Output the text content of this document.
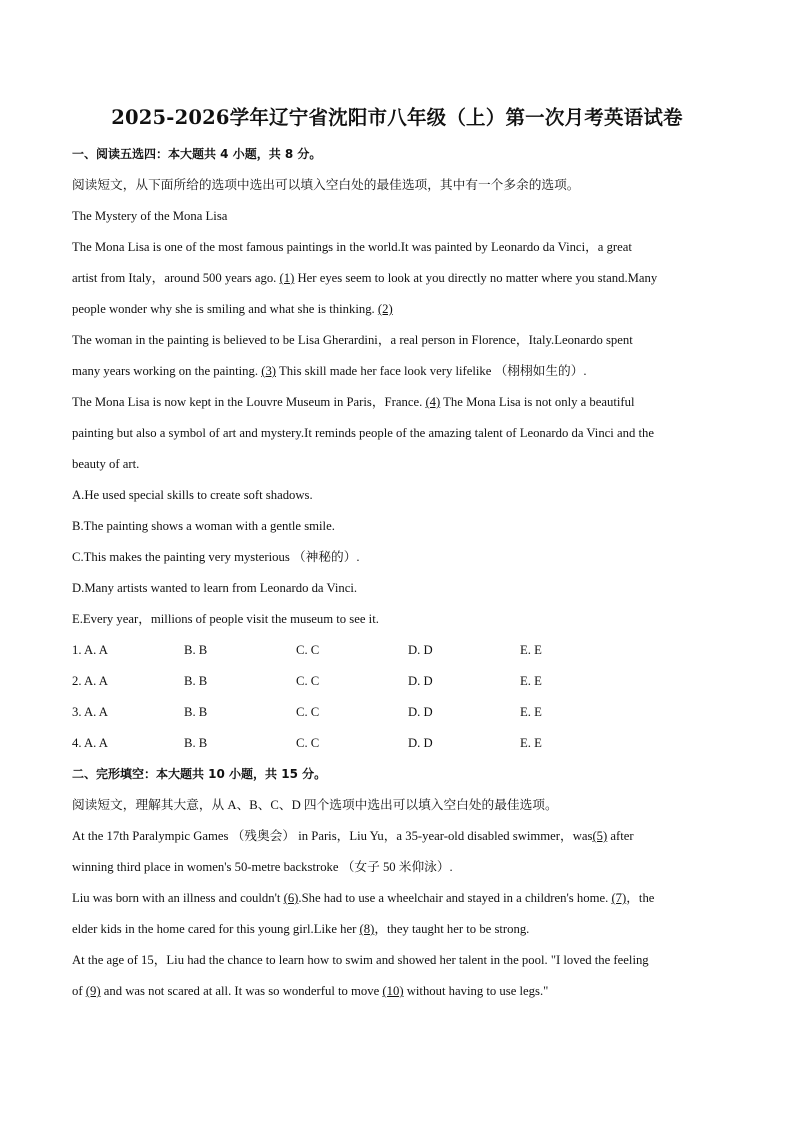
2025-2026学年辽宁省沈阳市八年级（上）第一次月考英语试卷
一、阅读五选四：本大题共 4 小题，共 8 分。
阅读短文，从下面所给的选项中选出可以填入空白处的最佳选项，其中有一个多余的选项。
The Mystery of the Mona Lisa
The Mona Lisa is one of the most famous paintings in the world.It was painted by Leonardo da Vinci，a great
artist from Italy，around 500 years ago. (1) Her eyes seem to look at you directly no matter where you stand.Many
people wonder why she is smiling and what she is thinking. (2)
The woman in the painting is believed to be Lisa Gherardini，a real person in Florence，Italy.Leonardo spent
many years working on the painting. (3) This skill made her face look very lifelike （栩栩如生的）.
The Mona Lisa is now kept in the Louvre Museum in Paris，France. (4) The Mona Lisa is not only a beautiful
painting but also a symbol of art and mystery.It reminds people of the amazing talent of Leonardo da Vinci and the
beauty of art.
A.He used special skills to create soft shadows.
B.The painting shows a woman with a gentle smile.
C.This makes the painting very mysterious （神秘的）.
D.Many artists wanted to learn from Leonardo da Vinci.
E.Every year，millions of people visit the museum to see it.
1. A. A	B. B	C. C	D. D	E. E
2. A. A	B. B	C. C	D. D	E. E
3. A. A	B. B	C. C	D. D	E. E
4. A. A	B. B	C. C	D. D	E. E
二、完形填空：本大题共 10 小题，共 15 分。
阅读短文，理解其大意，从 A、B、C、D 四个选项中选出可以填入空白处的最佳选项。
At the 17th Paralympic Games （残奥会） in Paris，Liu Yu，a 35-year-old disabled swimmer，was(5) after
winning third place in women's 50-metre backstroke （女子 50 米仰泳）.
Liu was born with an illness and couldn't (6).She had to use a wheelchair and stayed in a children's home. (7)，the
elder kids in the home cared for this young girl.Like her (8)，they taught her to be strong.
At the age of 15，Liu had the chance to learn how to swim and showed her talent in the pool. "I loved the feeling
of (9) and was not scared at all. It was so wonderful to move (10) without having to use legs."
